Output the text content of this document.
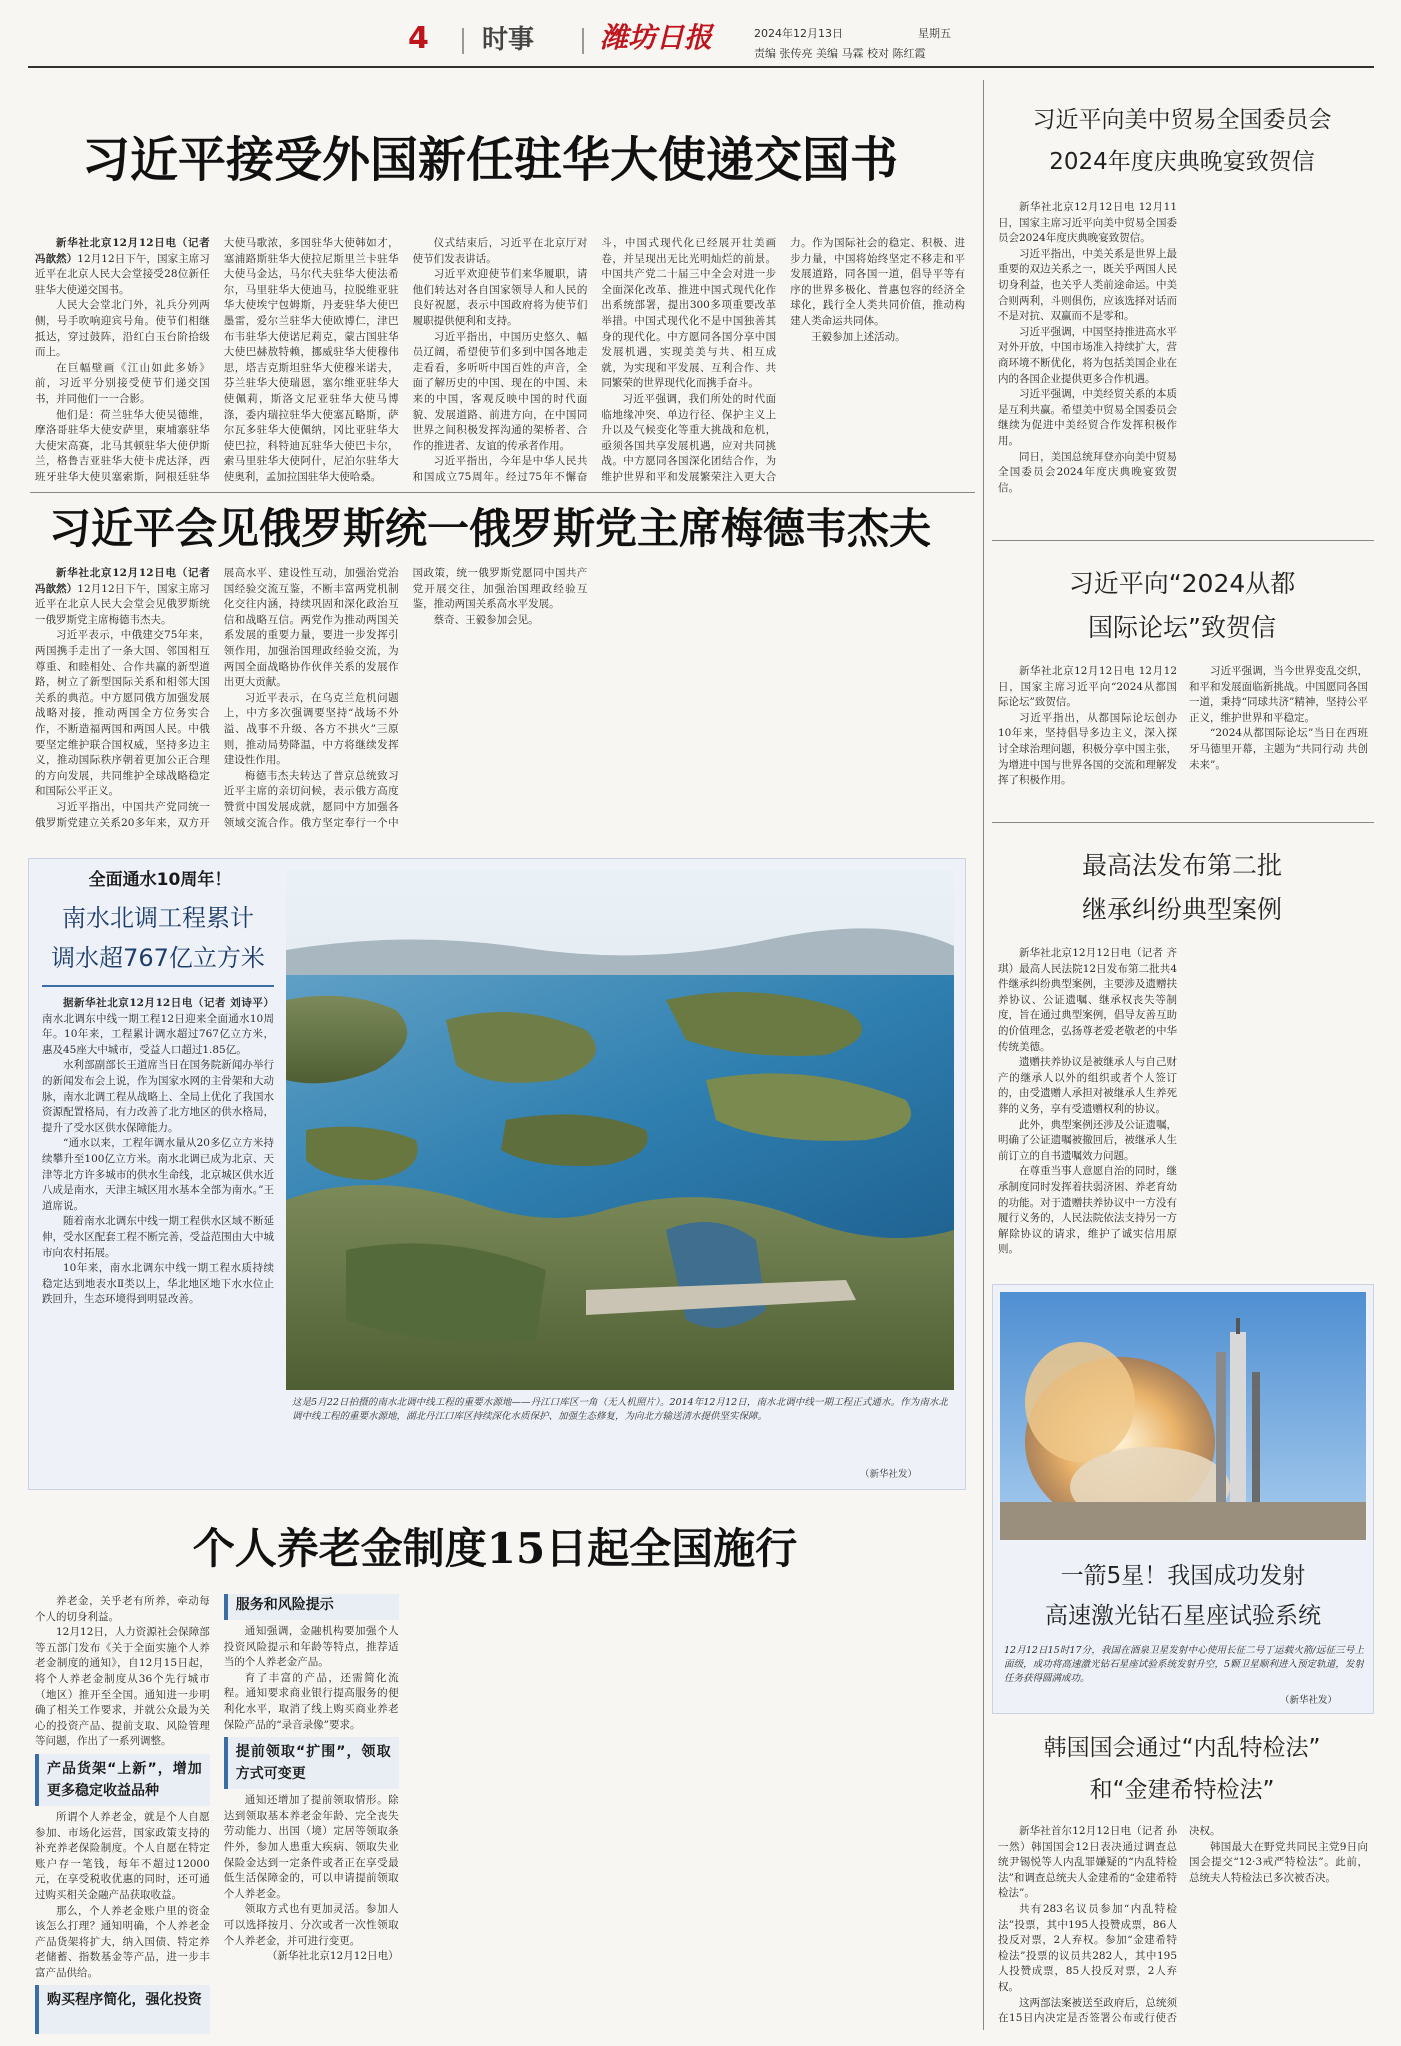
4	时事	潍坊日报	2024年12月13日	星期五
责编 张传亮 美编 马霖 校对 陈红霞
习近平接受外国新任驻华大使递交国书

新华社北京12月12日电（记者 冯歆然）12月12日下午，国家主席习近平在北京人民大会堂接受28位新任驻华大使递交国书。

人民大会堂北门外，礼兵分列两侧，号手吹响迎宾号角。使节们相继抵达，穿过鼓阵，沿红白玉台阶拾级而上。

在巨幅壁画《江山如此多娇》前，习近平分别接受使节们递交国书，并同他们一一合影。

他们是：荷兰驻华大使吴德维，摩洛哥驻华大使安萨里，柬埔寨驻华大使宋高赛，北马其顿驻华大使伊斯兰，格鲁吉亚驻华大使卡虎达泽，西班牙驻华大使贝塞索斯，阿根廷驻华大使马歌浓，多国驻华大使韩如才，塞浦路斯驻华大使拉尼斯里兰卡驻华大使马金达，马尔代夫驻华大使法希尔，马里驻华大使迪马，拉脱维亚驻华大使埃宁包姆斯，丹麦驻华大使巴墨雷，爱尔兰驻华大使欧博仁，津巴布韦驻华大使诺尼莉克，蒙古国驻华大使巴赫敖特赖，挪威驻华大使穆伟思，塔吉克斯坦驻华大使穆米诺夫，芬兰驻华大使瑞恩，塞尔维亚驻华大使佩莉，斯洛文尼亚驻华大使马博涤，委内瑞拉驻华大使塞瓦略斯，萨尔瓦多驻华大使佩纳，冈比亚驻华大使巴拉，科特迪瓦驻华大使巴卡尔，索马里驻华大使阿什，尼泊尔驻华大使奥利，孟加拉国驻华大使哈桑。

仪式结束后，习近平在北京厅对使节们发表讲话。

习近平欢迎使节们来华履职，请他们转达对各自国家领导人和人民的良好祝愿，表示中国政府将为使节们履职提供便利和支持。

习近平指出，中国历史悠久、幅员辽阔，希望使节们多到中国各地走走看看，多听听中国百姓的声音，全面了解历史的中国、现在的中国、未来的中国，客观反映中国的时代面貌、发展道路、前进方向，在中国同世界之间积极发挥沟通的架桥者、合作的推进者、友谊的传承者作用。

习近平指出，今年是中华人民共和国成立75周年。经过75年不懈奋斗，中国式现代化已经展开壮美画卷，并呈现出无比光明灿烂的前景。中国共产党二十届三中全会对进一步全面深化改革、推进中国式现代化作出系统部署，提出300多项重要改革举措。中国式现代化不是中国独善其身的现代化。中方愿同各国分享中国发展机遇，实现美美与共、相互成就，为实现和平发展、互利合作、共同繁荣的世界现代化而携手奋斗。

习近平强调，我们所处的时代面临地缘冲突、单边行径、保护主义上升以及气候变化等重大挑战和危机，亟须各国共享发展机遇，应对共同挑战。中方愿同各国深化团结合作，为维护世界和平和发展繁荣注入更大合力。作为国际社会的稳定、积极、进步力量，中国将始终坚定不移走和平发展道路，同各国一道，倡导平等有序的世界多极化、普惠包容的经济全球化，践行全人类共同价值，推动构建人类命运共同体。

王毅参加上述活动。

习近平会见俄罗斯统一俄罗斯党主席梅德韦杰夫

新华社北京12月12日电（记者 冯歆然）12月12日下午，国家主席习近平在北京人民大会堂会见俄罗斯统一俄罗斯党主席梅德韦杰夫。

习近平表示，中俄建交75年来，两国携手走出了一条大国、邻国相互尊重、和睦相处、合作共赢的新型道路，树立了新型国际关系和相邻大国关系的典范。中方愿同俄方加强发展战略对接，推动两国全方位务实合作，不断造福两国和两国人民。中俄要坚定维护联合国权威，坚持多边主义，推动国际秩序朝着更加公正合理的方向发展，共同维护全球战略稳定和国际公平正义。

习近平指出，中国共产党同统一俄罗斯党建立关系20多年来，双方开展高水平、建设性互动，加强治党治国经验交流互鉴，不断丰富两党机制化交往内涵，持续巩固和深化政治互信和战略互信。两党作为推动两国关系发展的重要力量，要进一步发挥引领作用，加强治国理政经验交流，为两国全面战略协作伙伴关系的发展作出更大贡献。

习近平表示，在乌克兰危机问题上，中方多次强调要坚持“战场不外溢、战事不升级、各方不拱火”三原则，推动局势降温，中方将继续发挥建设性作用。

梅德韦杰夫转达了普京总统致习近平主席的亲切问候，表示俄方高度赞赏中国发展成就，愿同中方加强各领域交流合作。俄方坚定奉行一个中国政策，统一俄罗斯党愿同中国共产党开展交往，加强治国理政经验互鉴，推动两国关系高水平发展。

蔡奇、王毅参加会见。

全面通水10周年！
南水北调工程累计
调水超767亿立方米

据新华社北京12月12日电（记者 刘诗平）南水北调东中线一期工程12日迎来全面通水10周年。10年来，工程累计调水超过767亿立方米，惠及45座大中城市，受益人口超过1.85亿。

水利部副部长王道席当日在国务院新闻办举行的新闻发布会上说，作为国家水网的主骨架和大动脉，南水北调工程从战略上、全局上优化了我国水资源配置格局，有力改善了北方地区的供水格局，提升了受水区供水保障能力。

“通水以来，工程年调水量从20多亿立方米持续攀升至100亿立方米。南水北调已成为北京、天津等北方许多城市的供水生命线，北京城区供水近八成是南水，天津主城区用水基本全部为南水。”王道席说。

随着南水北调东中线一期工程供水区域不断延伸，受水区配套工程不断完善，受益范围由大中城市向农村拓展。

10年来，南水北调东中线一期工程水质持续稳定达到地表水Ⅱ类以上，华北地区地下水水位止跌回升，生态环境得到明显改善。

这是5月22日拍摄的南水北调中线工程的重要水源地——丹江口库区一角（无人机照片）。2014年12月12日，南水北调中线一期工程正式通水。作为南水北调中线工程的重要水源地，湖北丹江口库区持续深化水质保护、加强生态修复，为向北方输送清水提供坚实保障。
（新华社发）
个人养老金制度15日起全国施行

养老金，关乎老有所养，牵动每个人的切身利益。

12月12日，人力资源社会保障部等五部门发布《关于全面实施个人养老金制度的通知》，自12月15日起，将个人养老金制度从36个先行城市（地区）推开至全国。通知进一步明确了相关工作要求，并就公众最为关心的投资产品、提前支取、风险管理等问题，作出了一系列调整。

产品货架“上新”，增加更多稳定收益品种

所谓个人养老金，就是个人自愿参加、市场化运营，国家政策支持的补充养老保险制度。个人自愿在特定账户存一笔钱，每年不超过12000元，在享受税收优惠的同时，还可通过购买相关金融产品获取收益。

那么，个人养老金账户里的资金该怎么打理？通知明确，个人养老金产品货架将扩大，纳入国债、特定养老储蓄、指数基金等产品，进一步丰富产品供给。

购买程序简化，强化投资服务和风险提示

通知强调，金融机构要加强个人投资风险提示和年龄等特点，推荐适当的个人养老金产品。

育了丰富的产品，还需简化流程。通知要求商业银行提高服务的便利化水平，取消了线上购买商业养老保险产品的“录音录像”要求。

提前领取“扩围”，领取方式可变更

通知还增加了提前领取情形。除达到领取基本养老金年龄、完全丧失劳动能力、出国（境）定居等领取条件外，参加人患重大疾病、领取失业保险金达到一定条件或者正在享受最低生活保障金的，可以申请提前领取个人养老金。

领取方式也有更加灵活。参加人可以选择按月、分次或者一次性领取个人养老金，并可进行变更。

（新华社北京12月12日电）

习近平向美中贸易全国委员会
2024年度庆典晚宴致贺信

新华社北京12月12日电 12月11日，国家主席习近平向美中贸易全国委员会2024年度庆典晚宴致贺信。

习近平指出，中美关系是世界上最重要的双边关系之一，既关乎两国人民切身利益，也关乎人类前途命运。中美合则两利，斗则俱伤，应该选择对话而不是对抗、双赢而不是零和。

习近平强调，中国坚持推进高水平对外开放，中国市场准入持续扩大，营商环境不断优化，将为包括美国企业在内的各国企业提供更多合作机遇。

习近平强调，中美经贸关系的本质是互利共赢。希望美中贸易全国委员会继续为促进中美经贸合作发挥积极作用。

同日，美国总统拜登亦向美中贸易全国委员会2024年度庆典晚宴致贺信。

习近平向“2024从都
国际论坛”致贺信

新华社北京12月12日电 12月12日，国家主席习近平向“2024从都国际论坛”致贺信。

习近平指出，从都国际论坛创办10年来，坚持倡导多边主义，深入探讨全球治理问题，积极分享中国主张，为增进中国与世界各国的交流和理解发挥了积极作用。

习近平强调，当今世界变乱交织，和平和发展面临新挑战。中国愿同各国一道，秉持“同球共济”精神，坚持公平正义，维护世界和平稳定。

“2024从都国际论坛”当日在西班牙马德里开幕，主题为“共同行动 共创未来”。

最高法发布第二批
继承纠纷典型案例

新华社北京12月12日电（记者 齐琪）最高人民法院12日发布第二批共4件继承纠纷典型案例，主要涉及遗赠扶养协议、公证遗嘱、继承权丧失等制度，旨在通过典型案例，倡导友善互助的价值理念，弘扬尊老爱老敬老的中华传统美德。

遗赠扶养协议是被继承人与自己财产的继承人以外的组织或者个人签订的，由受遗赠人承担对被继承人生养死葬的义务，享有受遗赠权利的协议。

此外，典型案例还涉及公证遗嘱，明确了公证遗嘱被撤回后，被继承人生前订立的自书遗嘱效力问题。

在尊重当事人意愿自治的同时，继承制度同时发挥着扶弱济困、养老育幼的功能。对于遗赠扶养协议中一方没有履行义务的，人民法院依法支持另一方解除协议的请求，维护了诚实信用原则。

一箭5星！我国成功发射
高速激光钻石星座试验系统
12月12日15时17分，我国在酒泉卫星发射中心使用长征二号丁运载火箭/远征三号上面级，成功将高速激光钻石星座试验系统发射升空，5颗卫星顺利进入预定轨道，发射任务获得圆满成功。
（新华社发）
韩国国会通过“内乱特检法”
和“金建希特检法”

新华社首尔12月12日电（记者 孙一然）韩国国会12日表决通过调查总统尹锡悦等人内乱罪嫌疑的“内乱特检法”和调查总统夫人金建希的“金建希特检法”。

共有283名议员参加“内乱特检法”投票，其中195人投赞成票，86人投反对票，2人弃权。参加“金建希特检法”投票的议员共282人，其中195人投赞成票，85人投反对票，2人弃权。

这两部法案被送至政府后，总统须在15日内决定是否签署公布或行使否决权。

韩国最大在野党共同民主党9日向国会提交“12·3戒严特检法”。此前，总统夫人特检法已多次被否决。
